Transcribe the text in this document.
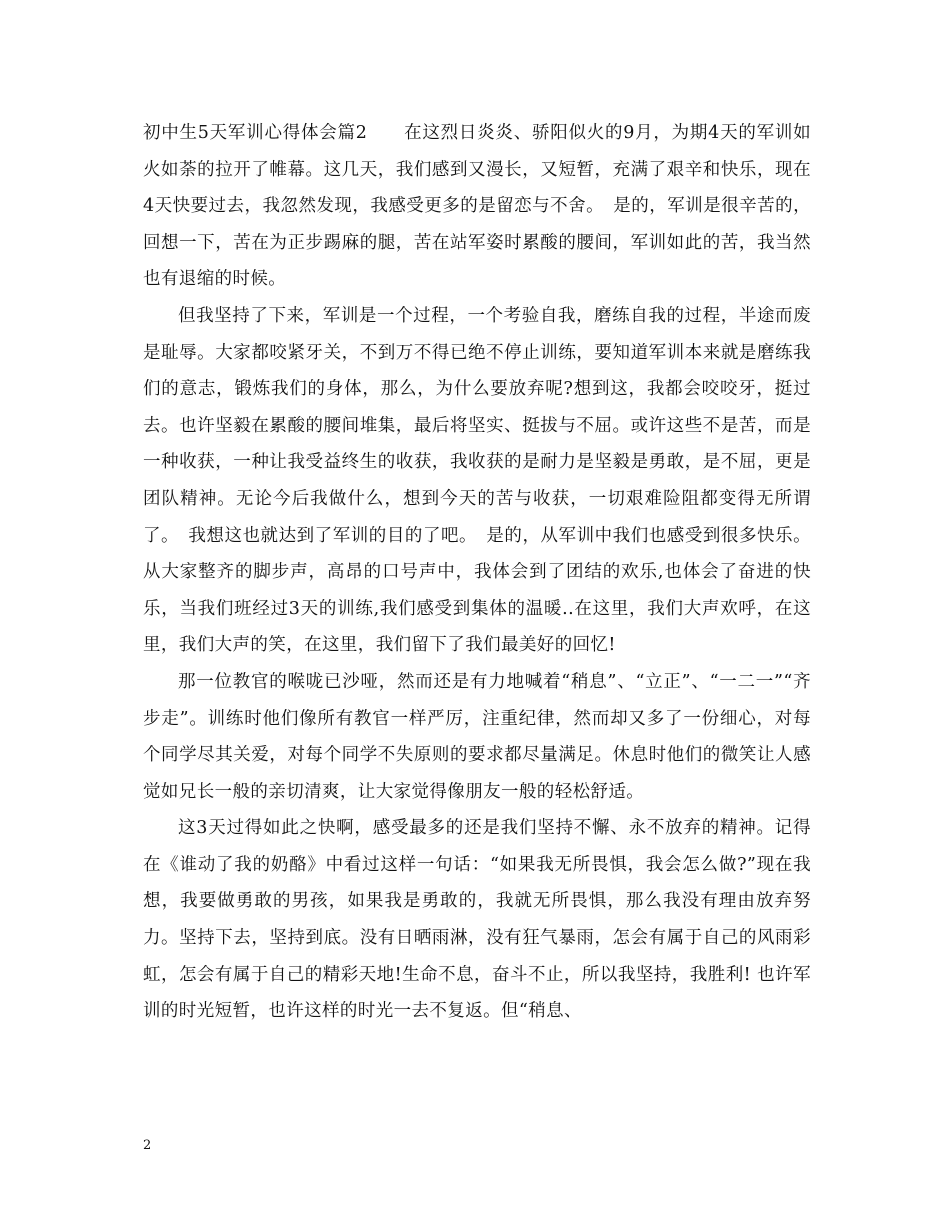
初中生5天军训心得体会篇2　　在这烈日炎炎、骄阳似火的9月，为期4天的军训如火如荼的拉开了帷幕。这几天，我们感到又漫长，又短暂，充满了艰辛和快乐，现在4天快要过去，我忽然发现，我感受更多的是留恋与不舍。　是的，军训是很辛苦的，回想一下，苦在为正步踢麻的腿，苦在站军姿时累酸的腰间，军训如此的苦，我当然也有退缩的时候。

但我坚持了下来，军训是一个过程，一个考验自我，磨练自我的过程，半途而废是耻辱。大家都咬紧牙关，不到万不得已绝不停止训练，要知道军训本来就是磨练我们的意志，锻炼我们的身体，那么，为什么要放弃呢?想到这，我都会咬咬牙，挺过去。也许坚毅在累酸的腰间堆集，最后将坚实、挺拔与不屈。或许这些不是苦，而是一种收获，一种让我受益终生的收获，我收获的是耐力是坚毅是勇敢，是不屈，更是团队精神。无论今后我做什么，想到今天的苦与收获，一切艰难险阻都变得无所谓了。　我想这也就达到了军训的目的了吧。　是的，从军训中我们也感受到很多快乐。从大家整齐的脚步声，高昂的口号声中，我体会到了团结的欢乐,也体会了奋进的快乐，当我们班经过3天的训练,我们感受到集体的温暖..在这里，我们大声欢呼，在这里，我们大声的笑，在这里，我们留下了我们最美好的回忆!

那一位教官的喉咙已沙哑，然而还是有力地喊着“稍息”、“立正”、“一二一”“齐步走”。训练时他们像所有教官一样严厉，注重纪律，然而却又多了一份细心，对每个同学尽其关爱，对每个同学不失原则的要求都尽量满足。休息时他们的微笑让人感觉如兄长一般的亲切清爽，让大家觉得像朋友一般的轻松舒适。

这3天过得如此之快啊，感受最多的还是我们坚持不懈、永不放弃的精神。记得在《谁动了我的奶酪》中看过这样一句话：“如果我无所畏惧，我会怎么做?”现在我想，我要做勇敢的男孩，如果我是勇敢的，我就无所畏惧，那么我没有理由放弃努力。坚持下去，坚持到底。没有日晒雨淋，没有狂气暴雨，怎会有属于自己的风雨彩虹，怎会有属于自己的精彩天地!生命不息，奋斗不止，所以我坚持，我胜利! 也许军训的时光短暂，也许这样的时光一去不复返。但“稍息、

2
